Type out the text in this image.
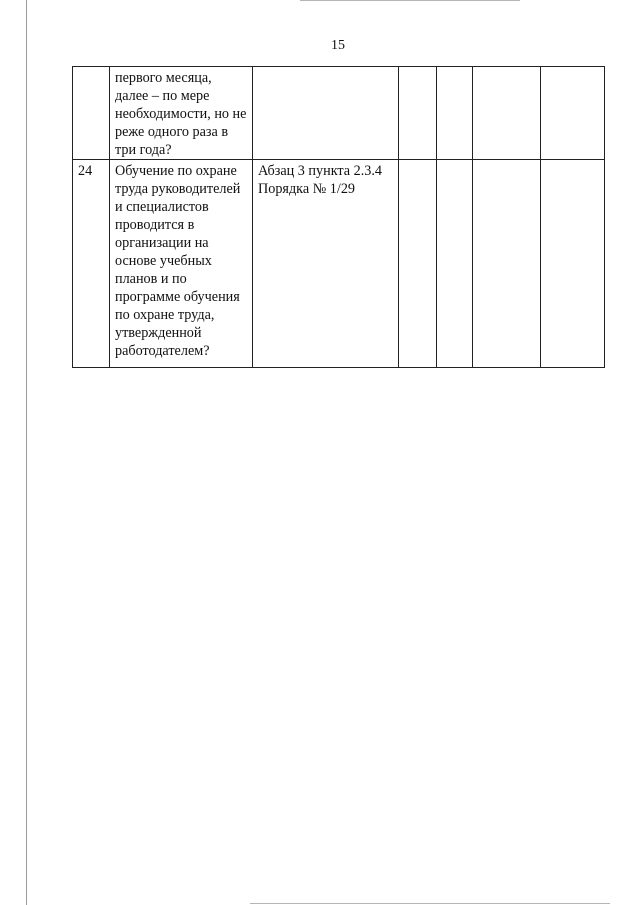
15
	первого месяца, далее – по мере необходимости, но не реже одного раза в три года?					
24	Обучение по охране труда руководителей и специалистов проводится в организации на основе учебных планов и по программе обучения по охране труда, утвержденной работодателем?	Абзац 3 пункта 2.3.4 Порядка № 1/29				
